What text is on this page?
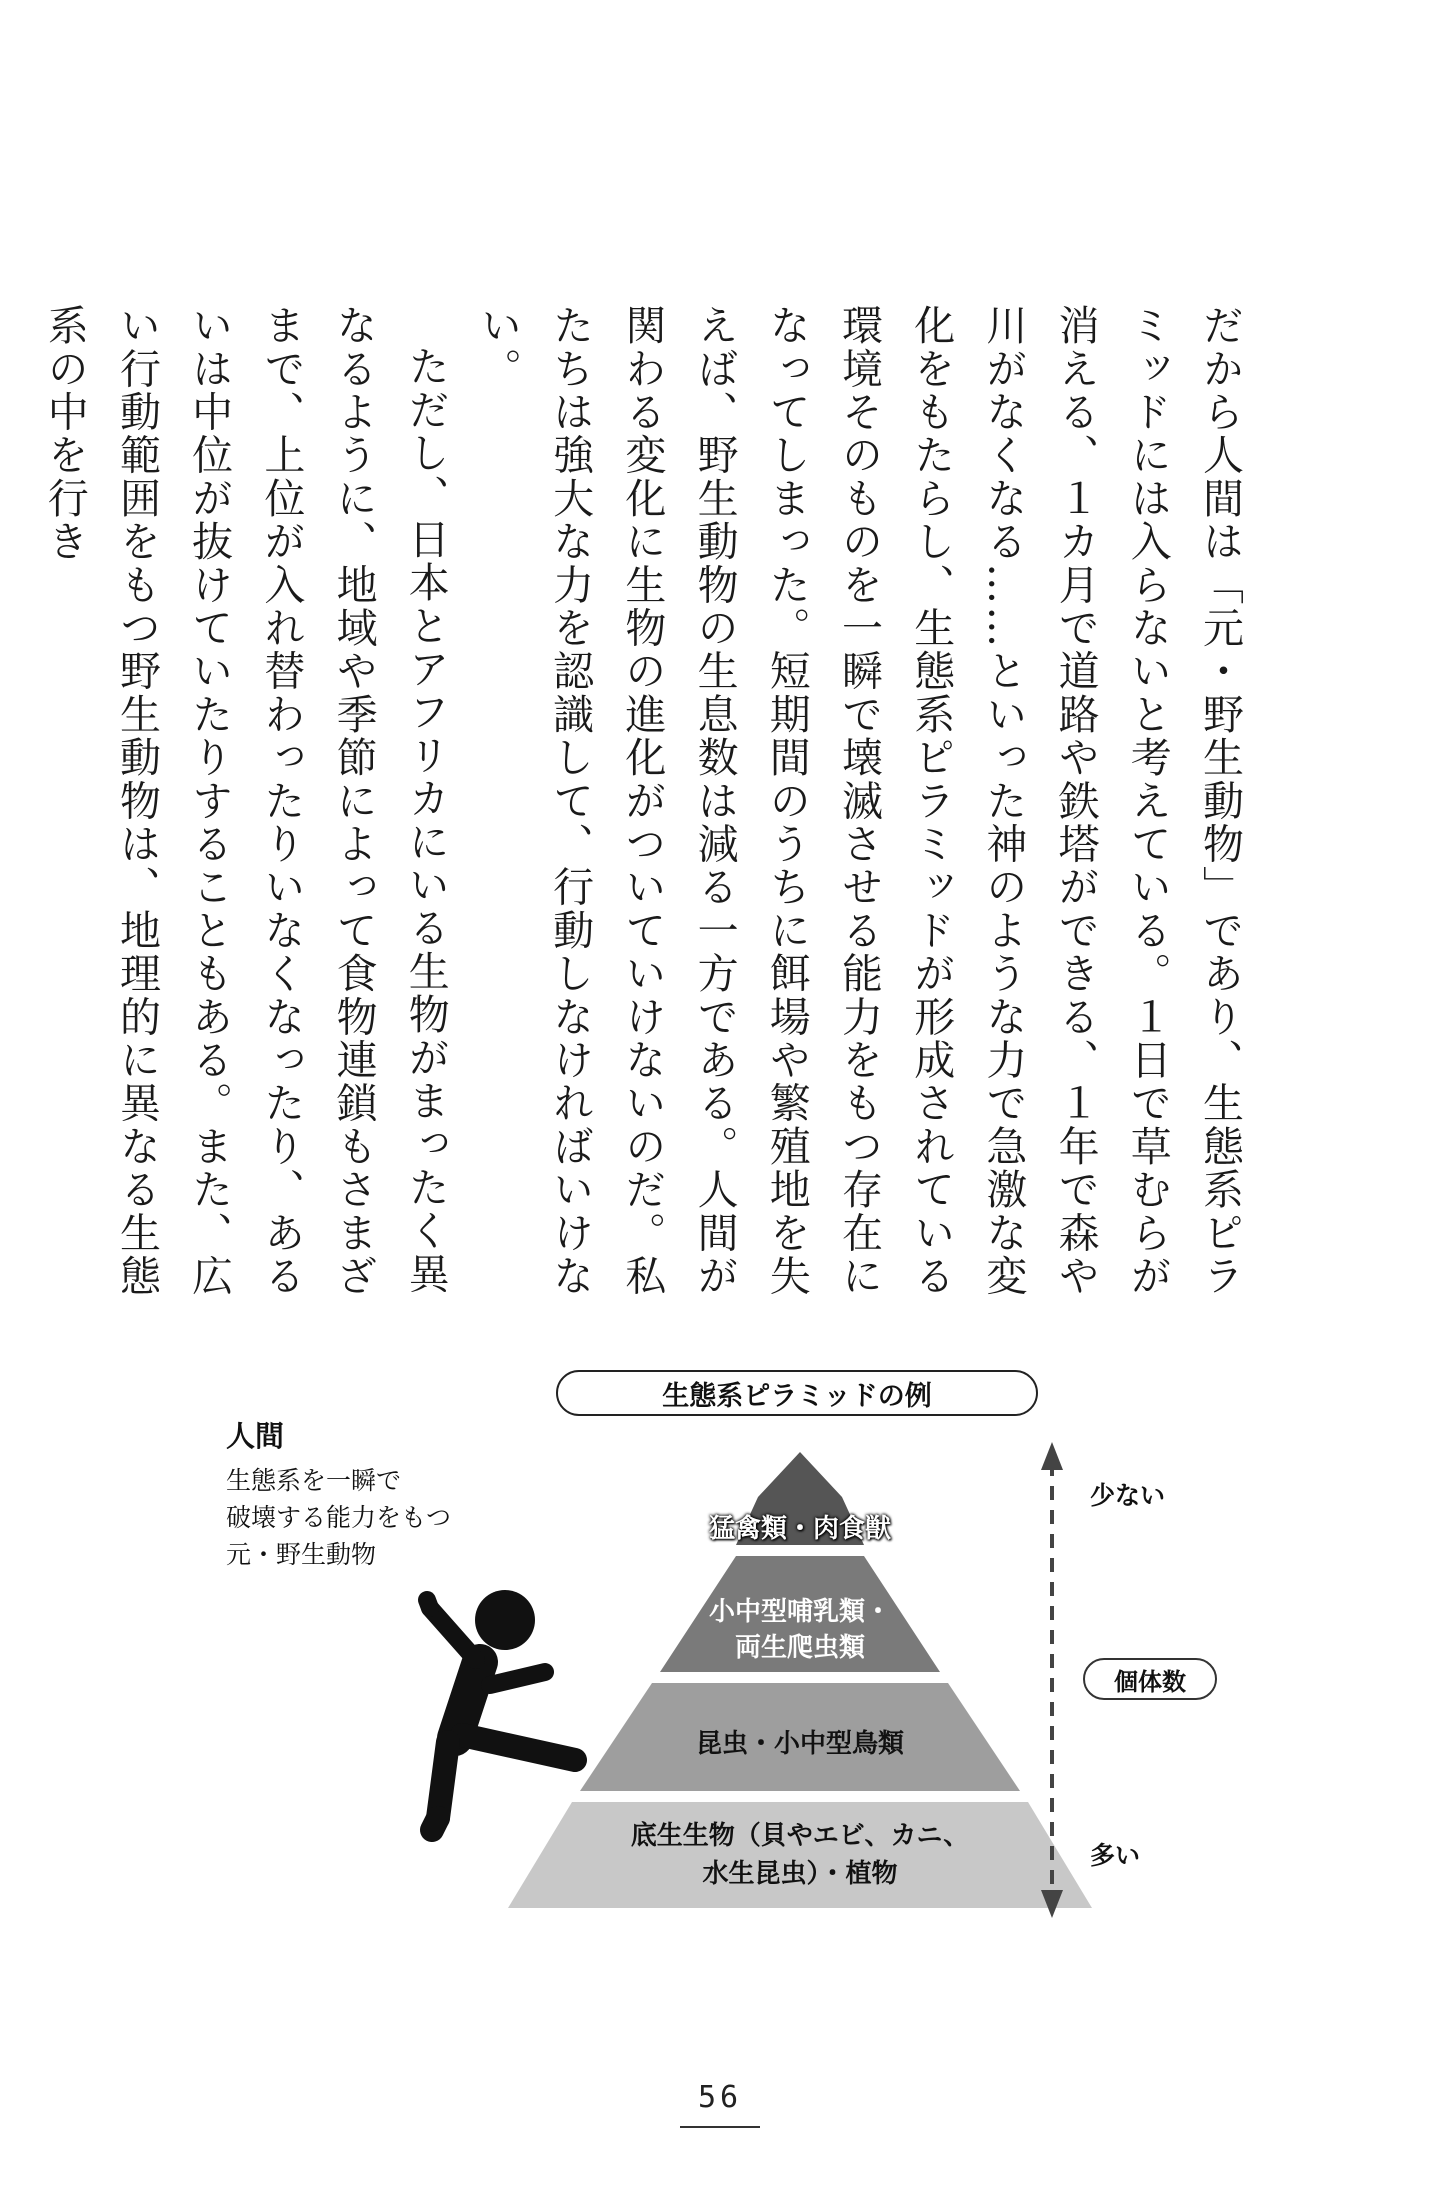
だから人間は「元・野生動物」であり、生態系ピラミッドには入らないと考えている。１日で草むらが消える、１カ月で道路や鉄塔ができる、１年で森や川がなくなる……といった神のような力で急激な変化をもたらし、生態系ピラミッドが形成されている環境そのものを一瞬で壊滅させる能力をもつ存在になってしまった。短期間のうちに餌場や繁殖地を失えば、野生動物の生息数は減る一方である。人間が関わる変化に生物の進化がついていけないのだ。私たちは強大な力を認識して、行動しなければいけない。

ただし、日本とアフリカにいる生物がまったく異なるように、地域や季節によって食物連鎖もさまざまで、上位が入れ替わったりいなくなったり、あるいは中位が抜けていたりすることもある。また、広い行動範囲をもつ野生動物は、地理的に異なる生態系の中を行き

生態系ピラミッドの例
人間
生態系を一瞬で
破壊する能力をもつ
元・野生動物
猛禽類・肉食獣
小中型哺乳類・
両生爬虫類
昆虫・小中型鳥類
底生生物（貝やエビ、カニ、
水生昆虫）・植物
少ない
個体数
多い
56
